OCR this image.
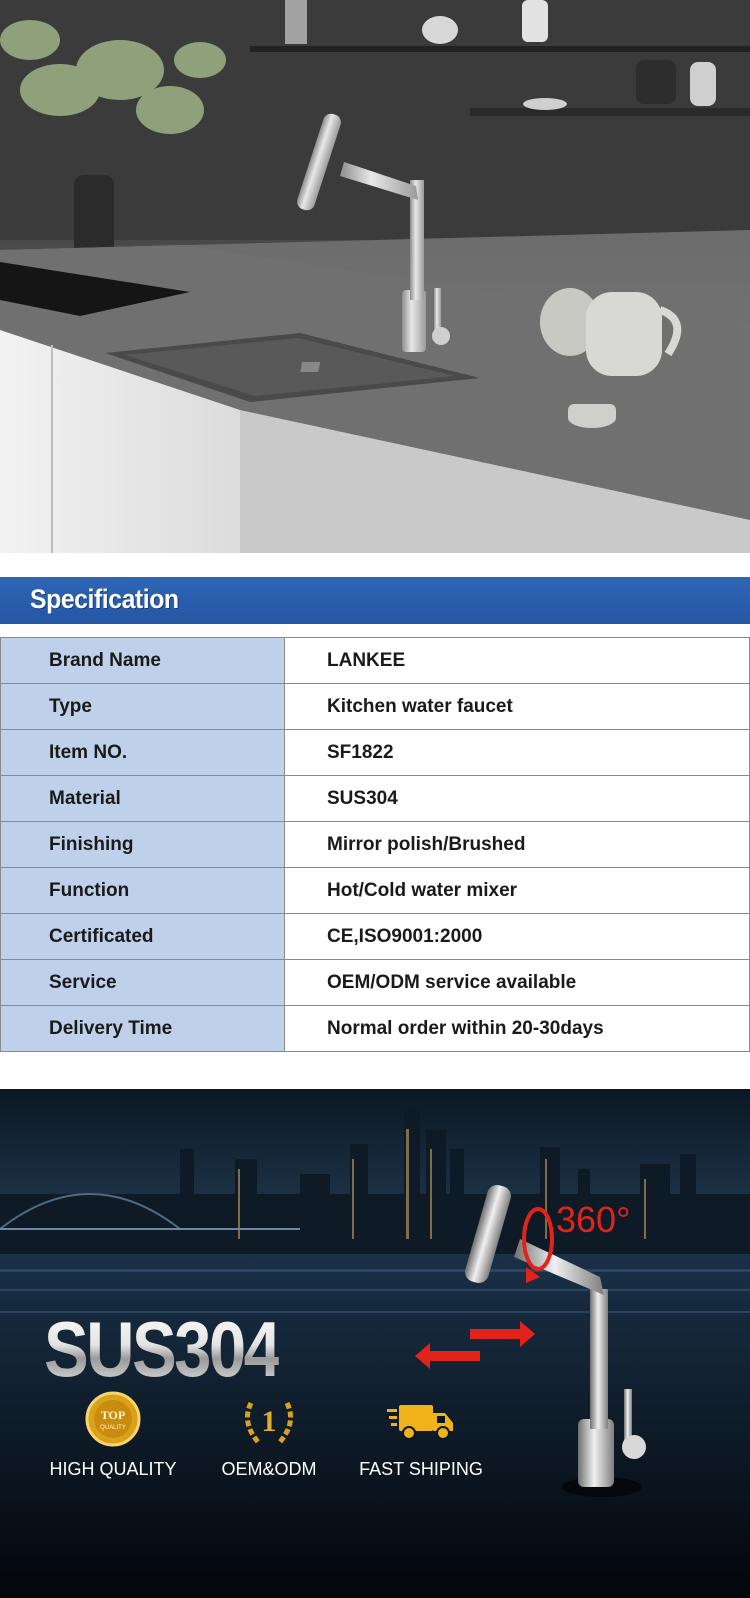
Specification
Brand Name	LANKEE
Type	Kitchen water faucet
Item NO.	SF1822
Material	SUS304
Finishing	Mirror polish/Brushed
Function	Hot/Cold water mixer
Certificated	CE,ISO9001:2000
Service	OEM/ODM service available
Delivery Time	Normal order within 20-30days
SUS304
360°
TOP
QUALITY
HIGH QUALITY
1
OEM&ODM	FAST SHIPING
